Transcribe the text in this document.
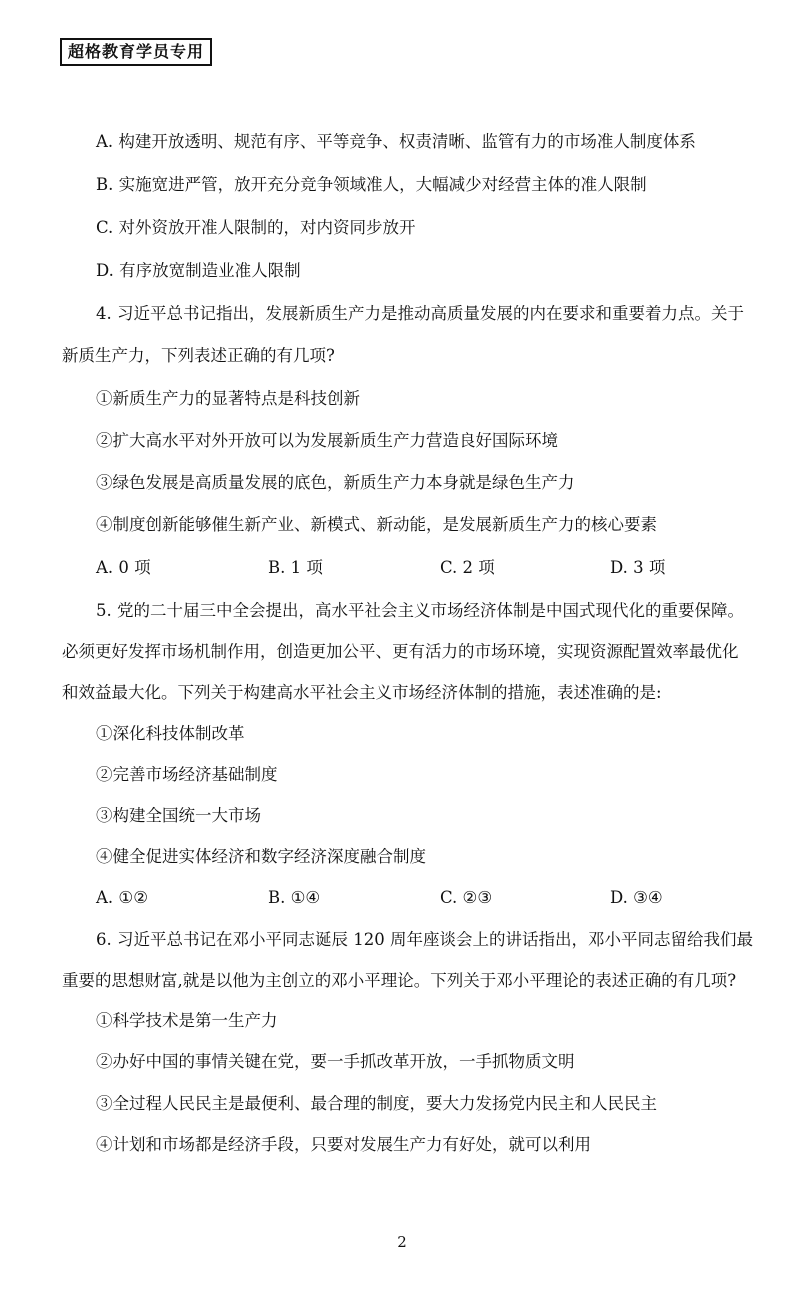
超格教育学员专用
A. 构建开放透明、规范有序、平等竞争、权责清晰、监管有力的市场准人制度体系
B. 实施宽进严管，放开充分竞争领域准人，大幅减少对经营主体的准人限制
C. 对外资放开准人限制的，对内资同步放开
D. 有序放宽制造业准人限制
4. 习近平总书记指出，发展新质生产力是推动高质量发展的内在要求和重要着力点。关于
新质生产力，下列表述正确的有几项?
①新质生产力的显著特点是科技创新
②扩大高水平对外开放可以为发展新质生产力营造良好国际环境
③绿色发展是高质量发展的底色，新质生产力本身就是绿色生产力
④制度创新能够催生新产业、新模式、新动能，是发展新质生产力的核心要素
A. 0 项	B. 1 项	C. 2 项	D. 3 项
5. 党的二十届三中全会提出，高水平社会主义市场经济体制是中国式现代化的重要保障。
必须更好发挥市场机制作用，创造更加公平、更有活力的市场环境，实现资源配置效率最优化
和效益最大化。下列关于构建高水平社会主义市场经济体制的措施，表述准确的是:
①深化科技体制改革
②完善市场经济基础制度
③构建全国统一大市场
④健全促进实体经济和数字经济深度融合制度
A. ①②	B. ①④	C. ②③	D. ③④
6. 习近平总书记在邓小平同志诞辰 120 周年座谈会上的讲话指出，邓小平同志留给我们最
重要的思想财富,就是以他为主创立的邓小平理论。下列关于邓小平理论的表述正确的有几项?
①科学技术是第一生产力
②办好中国的事情关键在党，要一手抓改革开放，一手抓物质文明
③全过程人民民主是最便利、最合理的制度，要大力发扬党内民主和人民民主
④计划和市场都是经济手段，只要对发展生产力有好处，就可以利用
2
